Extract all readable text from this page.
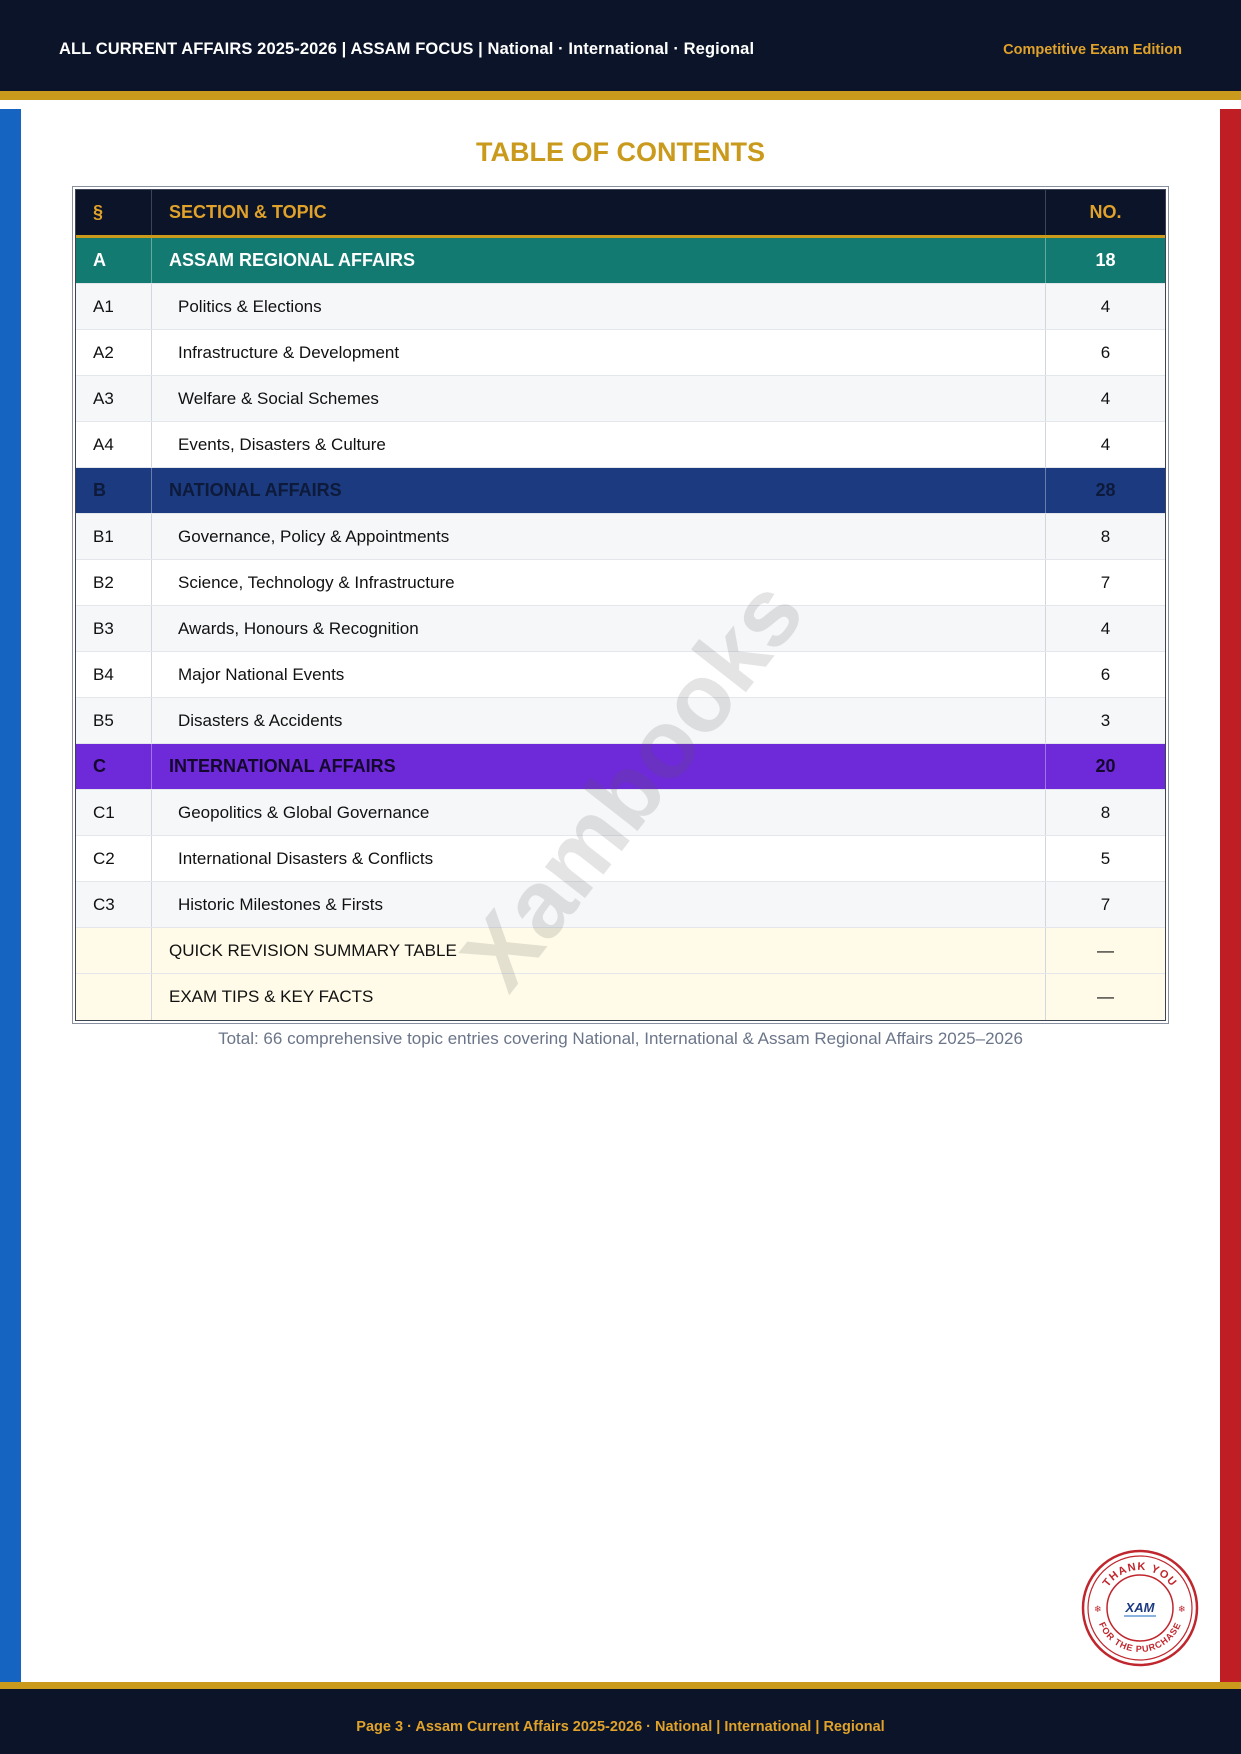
ALL CURRENT AFFAIRS 2025-2026 | ASSAM FOCUS | National · International · Regional	Competitive Exam Edition
TABLE OF CONTENTS
§	SECTION & TOPIC	NO.
A	ASSAM REGIONAL AFFAIRS	18
A1	Politics & Elections	4
A2	Infrastructure & Development	6
A3	Welfare & Social Schemes	4
A4	Events, Disasters & Culture	4
B	NATIONAL AFFAIRS	28
B1	Governance, Policy & Appointments	8
B2	Science, Technology & Infrastructure	7
B3	Awards, Honours & Recognition	4
B4	Major National Events	6
B5	Disasters & Accidents	3
C	INTERNATIONAL AFFAIRS	20
C1	Geopolitics & Global Governance	8
C2	International Disasters & Conflicts	5
C3	Historic Milestones & Firsts	7
QUICK REVISION SUMMARY TABLE	—
EXAM TIPS & KEY FACTS	—
Total: 66 comprehensive topic entries covering National, International & Assam Regional Affairs 2025–2026
THANK YOU
FOR THE PURCHASE
❄	❄
XAM
Page 3 · Assam Current Affairs 2025-2026 · National | International | Regional
